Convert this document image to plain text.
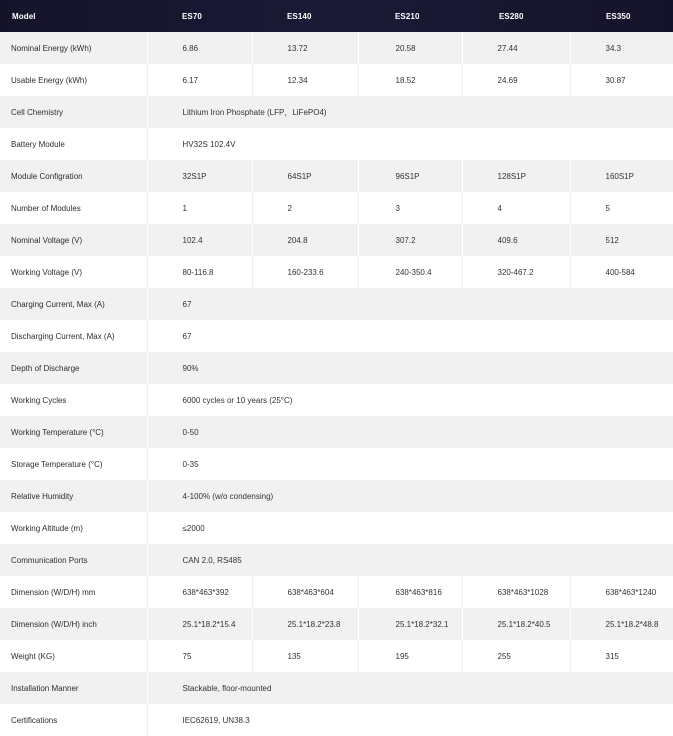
Model	ES70	ES140	ES210	ES280	ES350
Nominal Energy (kWh)	6.86	13.72	20.58	27.44	34.3
Usable Energy (kWh)	6.17	12.34	18.52	24.69	30.87
Cell Chemistry	Lithium Iron Phosphate (LFP，LiFePO4)				
Battery Module	HV32S 102.4V				
Module Configration	32S1P	64S1P	96S1P	128S1P	160S1P
Number of Modules	1	2	3	4	5
Nominal Voltage (V)	102.4	204.8	307.2	409.6	512
Working Voltage (V)	80-116.8	160-233.6	240-350.4	320-467.2	400-584
Charging Current, Max (A)	67				
Discharging Current, Max (A)	67				
Depth of Discharge	90%				
Working Cycles	6000 cycles or 10 years (25°C)				
Working Temperature (°C)	0-50				
Storage Temperature (°C)	0-35				
Relative Humidity	4-100% (w/o condensing)				
Working Altitude (m)	≤2000				
Communication Ports	CAN 2.0, RS485				
Dimension (W/D/H) mm	638*463*392	638*463*604	638*463*816	638*463*1028	638*463*1240
Dimension (W/D/H) inch	25.1*18.2*15.4	25.1*18.2*23.8	25.1*18.2*32.1	25.1*18.2*40.5	25.1*18.2*48.8
Weight (KG)	75	135	195	255	315
Installation Manner	Stackable, floor-mounted				
Certifications	IEC62619, UN38.3				
